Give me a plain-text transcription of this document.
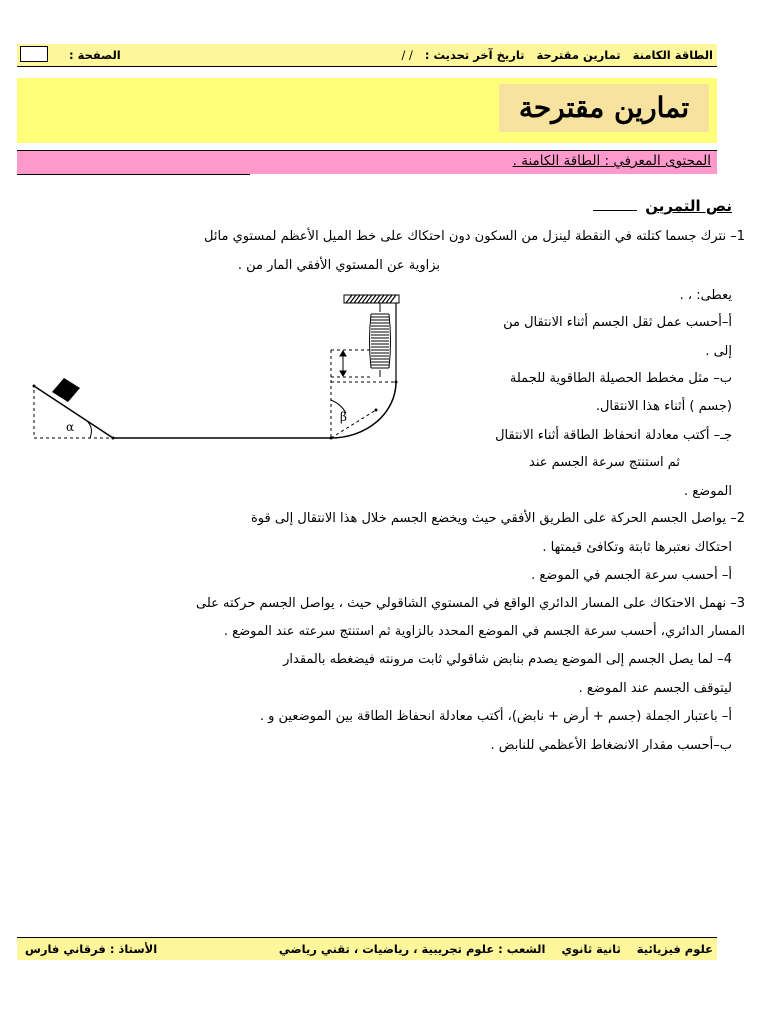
الطاقة الكامنة تمارين مقترحة تاريخ آخر تحديث : / /
الصفحة :
تمارين مقترحة
المحتوى المعرفي : الطاقة الكامنة .
نص التمرين
1– نترك جسما كتلته في النقطة لينزل من السكون دون احتكاك على خط الميل الأعظم لمستوي مائل
بزاوية عن المستوي الأفقي المار من .
يعطى: ، .
أ–أحسب عمل ثقل الجسم أثناء الانتقال من
إلى .
ب– مثل مخطط الحصيلة الطاقوية للجملة
(جسم ) أثناء هذا الانتقال.
جـ– أكتب معادلة انحفاظ الطاقة أثناء الانتقال
ثم استنتج سرعة الجسم عند
الموضع .
2– يواصل الجسم الحركة على الطريق الأفقي حيث ويخضع الجسم خلال هذا الانتقال إلى قوة
احتكاك نعتبرها ثابتة وتكافئ قيمتها .
أ– أحسب سرعة الجسم في الموضع .
3– نهمل الاحتكاك على المسار الدائري الواقع في المستوي الشاقولي حيث ، يواصل الجسم حركته على
المسار الدائري، أحسب سرعة الجسم في الموضع المحدد بالزاوية ثم استنتج سرعته عند الموضع .
4– لما يصل الجسم إلى الموضع يصدم بنابض شاقولي ثابت مرونته فيضغطه بالمقدار
ليتوقف الجسم عند الموضع .
أ– باعتبار الجملة (جسم + أرض + نابض)، أكتب معادلة انحفاظ الطاقة بين الموضعين و .
ب–أحسب مقدار الانضغاط الأعظمي للنابض .
α
β
علوم فيزيائية ثانية ثانوي الشعب : علوم تجريبية ، رياضيات ، تقني رياضي
الأستاذ : فرقاني فارس
